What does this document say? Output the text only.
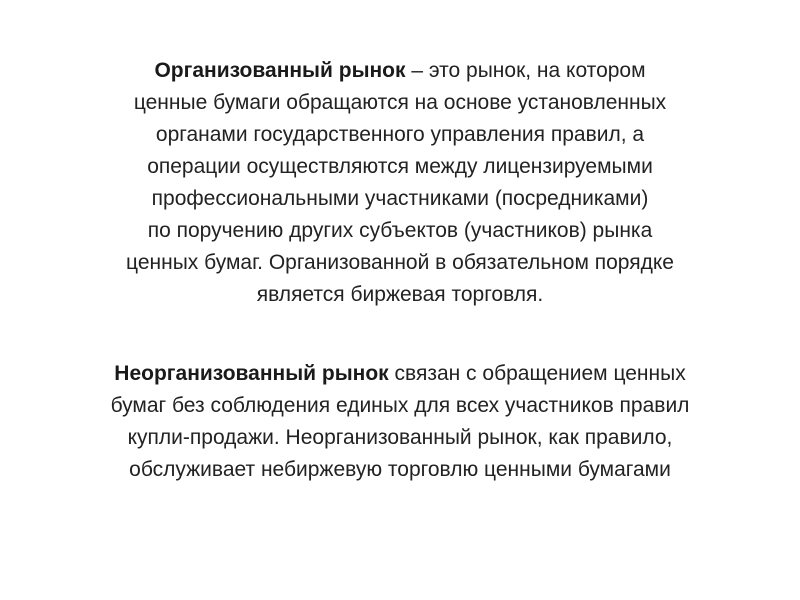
Организованный рынок – это рынок, на котором
ценные бумаги обращаются на основе установленных
органами государственного управления правил, а
операции осуществляются между лицензируемыми
профессиональными участниками (посредниками)
по поручению других субъектов (участников) рынка
ценных бумаг. Организованной в обязательном порядке
является биржевая торговля.
Неорганизованный рынок связан с обращением ценных
бумаг без соблюдения единых для всех участников правил
купли-продажи. Неорганизованный рынок, как правило,
обслуживает небиржевую торговлю ценными бумагами
